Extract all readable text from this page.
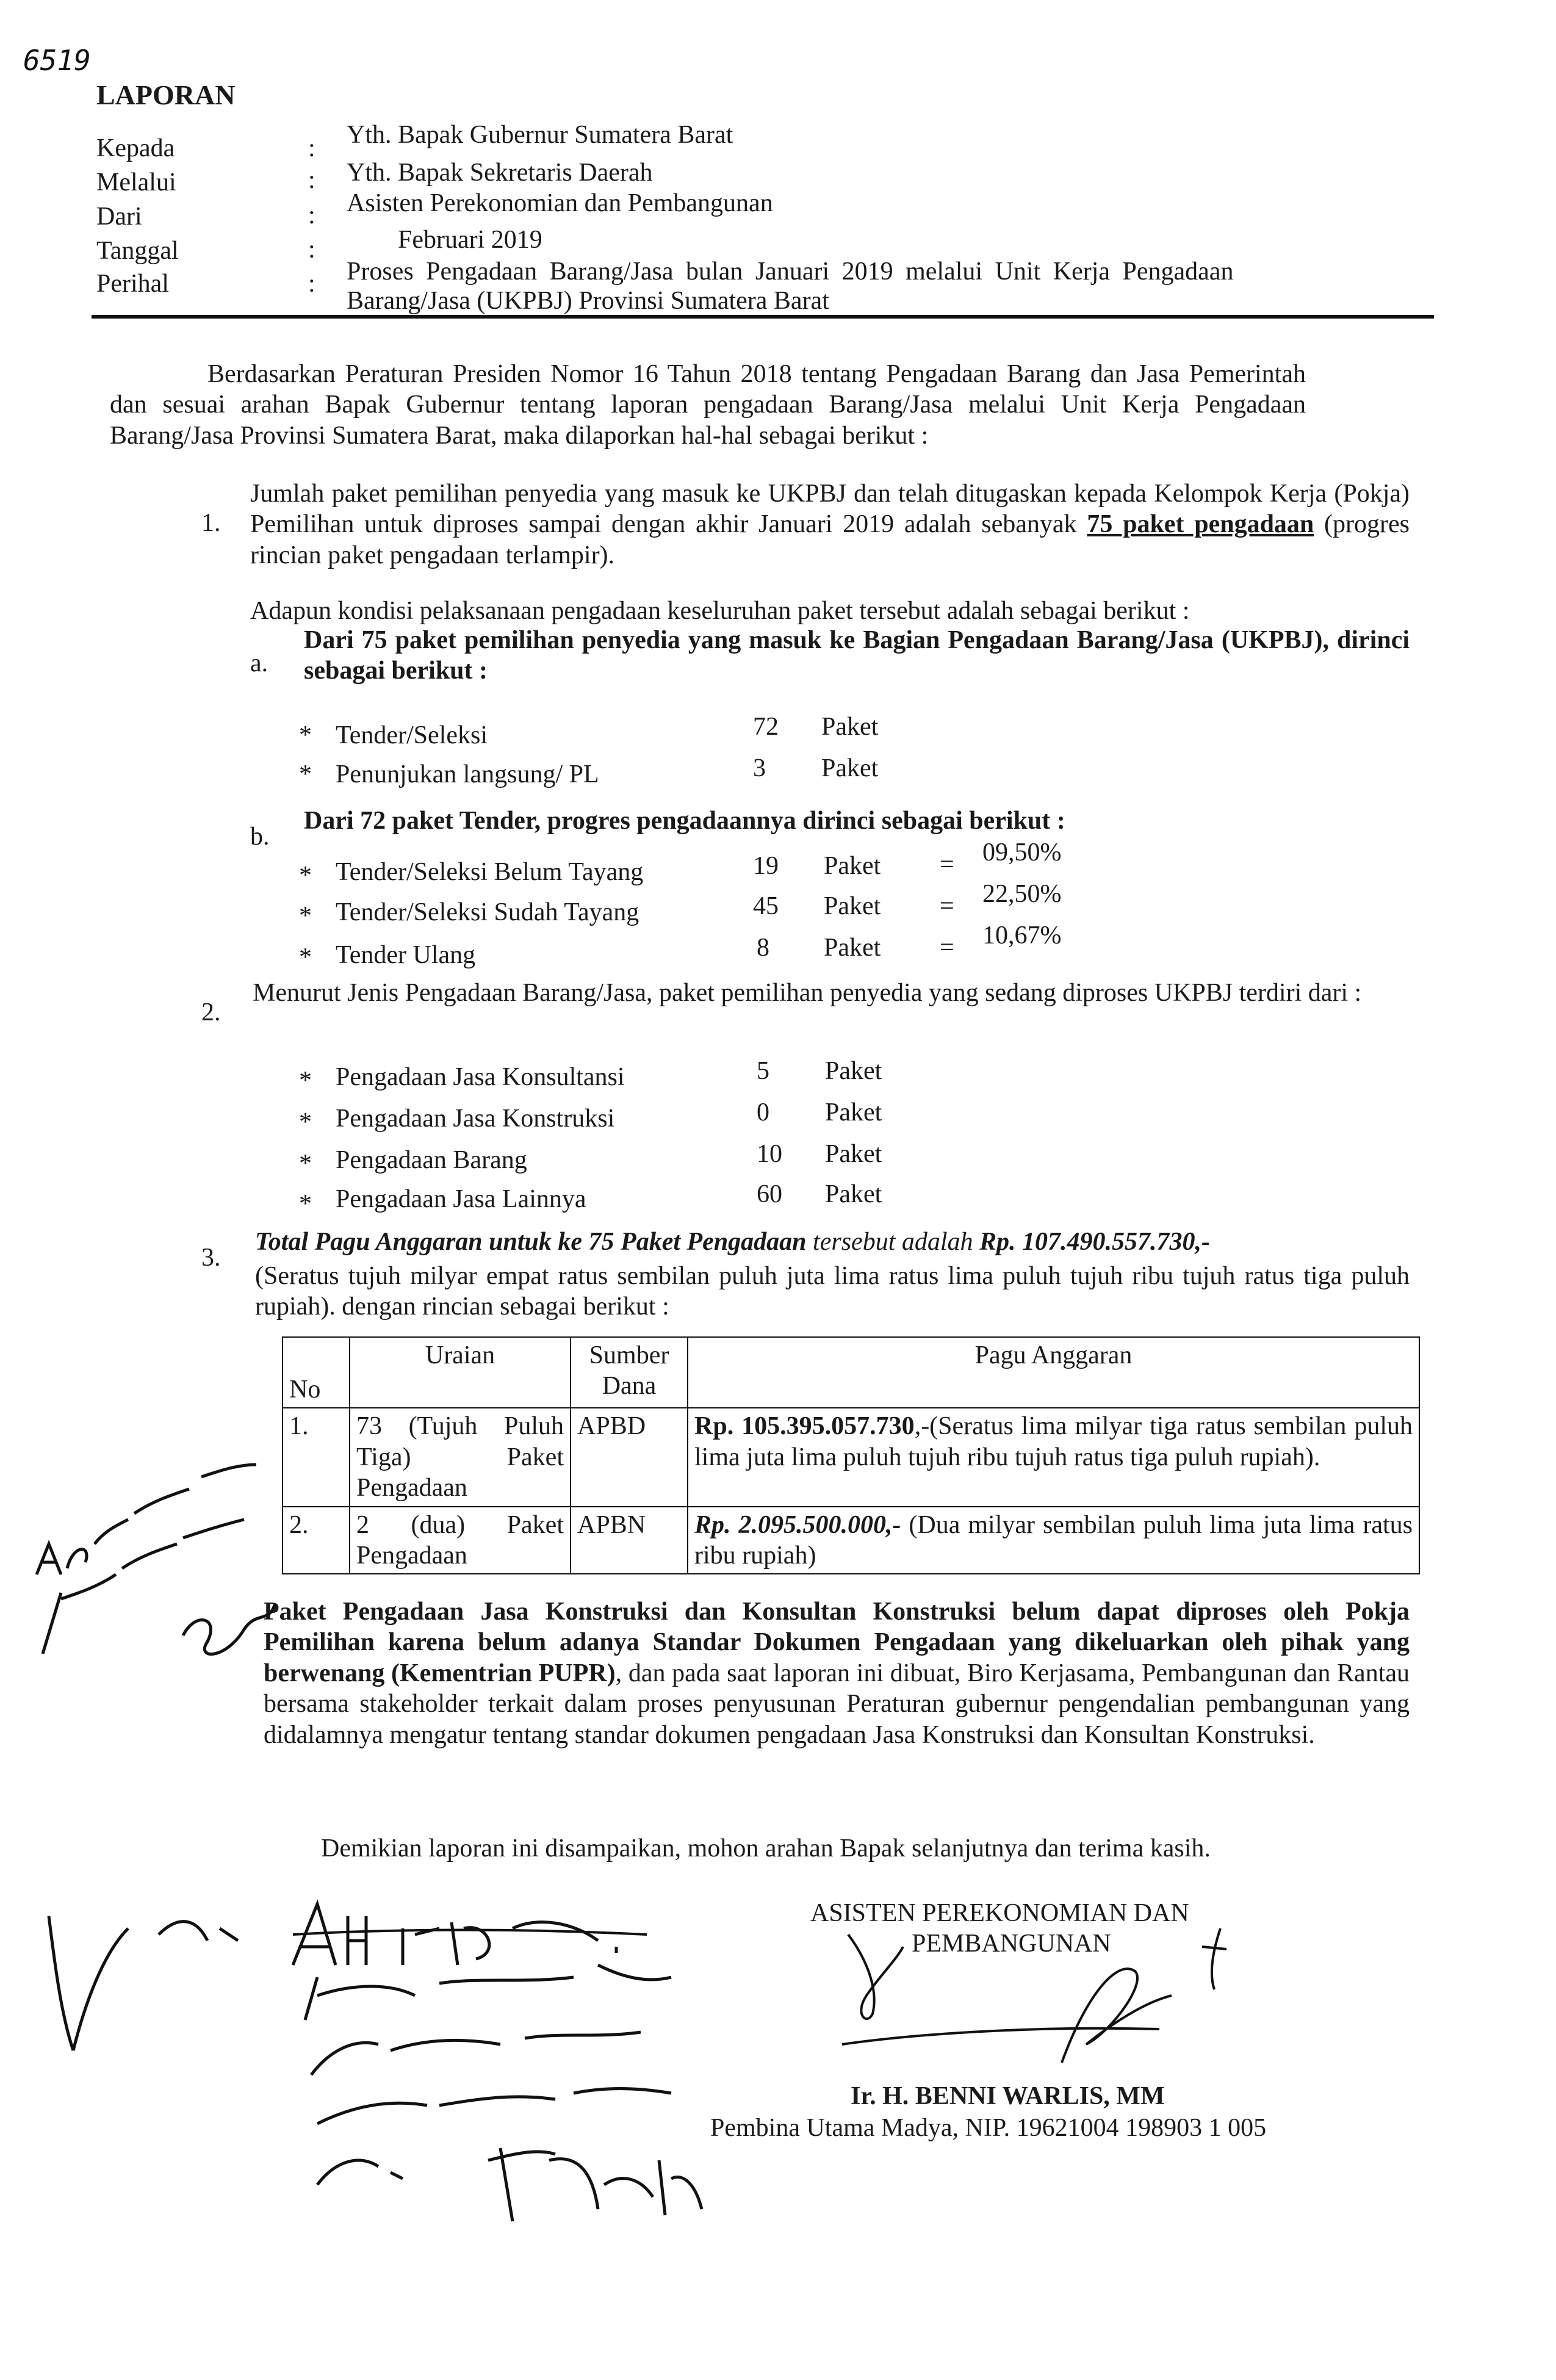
6519
LAPORAN
Kepada	: Yth. Bapak Gubernur Sumatera Barat
Melalui	: Yth. Bapak Sekretaris Daerah
Dari	: Asisten Perekonomian dan Pembangunan
Tanggal	:	Februari 2019
Perihal	: Proses Pengadaan Barang/Jasa bulan Januari 2019 melalui Unit Kerja Pengadaan
Barang/Jasa (UKPBJ) Provinsi Sumatera Barat
Berdasarkan Peraturan Presiden Nomor 16 Tahun 2018 tentang Pengadaan Barang dan Jasa Pemerintah dan sesuai arahan Bapak Gubernur tentang laporan pengadaan Barang/Jasa melalui Unit Kerja Pengadaan Barang/Jasa Provinsi Sumatera Barat, maka dilaporkan hal-hal sebagai berikut :
1.
Jumlah paket pemilihan penyedia yang masuk ke UKPBJ dan telah ditugaskan kepada Kelompok Kerja (Pokja) Pemilihan untuk diproses sampai dengan akhir Januari 2019 adalah sebanyak 75 paket pengadaan (progres rincian paket pengadaan terlampir).
Adapun kondisi pelaksanaan pengadaan keseluruhan paket tersebut adalah sebagai berikut :
a.
Dari 75 paket pemilihan penyedia yang masuk ke Bagian Pengadaan Barang/Jasa (UKPBJ), dirinci sebagai berikut :
* Tender/Seleksi	72 Paket
* Penunjukan langsung/ PL	3 Paket
b.
Dari 72 paket Tender, progres pengadaannya dirinci sebagai berikut :
* Tender/Seleksi Belum Tayang	19 Paket = 09,50%
* Tender/Seleksi Sudah Tayang	45 Paket = 22,50%
* Tender Ulang	8 Paket = 10,67%
2.
Menurut Jenis Pengadaan Barang/Jasa, paket pemilihan penyedia yang sedang diproses UKPBJ terdiri dari :
* Pengadaan Jasa Konsultansi	5 Paket
* Pengadaan Jasa Konstruksi	0 Paket
* Pengadaan Barang	10 Paket
* Pengadaan Jasa Lainnya	60 Paket
3.
Total Pagu Anggaran untuk ke 75 Paket Pengadaan tersebut adalah Rp. 107.490.557.730,-
(Seratus tujuh milyar empat ratus sembilan puluh juta lima ratus lima puluh tujuh ribu tujuh ratus tiga puluh rupiah). dengan rincian sebagai berikut :
No	Uraian	Sumber Dana	Pagu Anggaran
1.	73 (Tujuh Puluh Tiga) Paket Pengadaan	APBD	Rp. 105.395.057.730,-(Seratus lima milyar tiga ratus sembilan puluh lima juta lima puluh tujuh ribu tujuh ratus tiga puluh rupiah).
2.	2 (dua) Paket Pengadaan	APBN	Rp. 2.095.500.000,- (Dua milyar sembilan puluh lima juta lima ratus ribu rupiah)
Paket Pengadaan Jasa Konstruksi dan Konsultan Konstruksi belum dapat diproses oleh Pokja Pemilihan karena belum adanya Standar Dokumen Pengadaan yang dikeluarkan oleh pihak yang berwenang (Kementrian PUPR), dan pada saat laporan ini dibuat, Biro Kerjasama, Pembangunan dan Rantau bersama stakeholder terkait dalam proses penyusunan Peraturan gubernur pengendalian pembangunan yang didalamnya mengatur tentang standar dokumen pengadaan Jasa Konstruksi dan Konsultan Konstruksi.
Demikian laporan ini disampaikan, mohon arahan Bapak selanjutnya dan terima kasih.
ASISTEN PEREKONOMIAN DAN
PEMBANGUNAN
Ir. H. BENNI WARLIS, MM
Pembina Utama Madya, NIP. 19621004 198903 1 005
